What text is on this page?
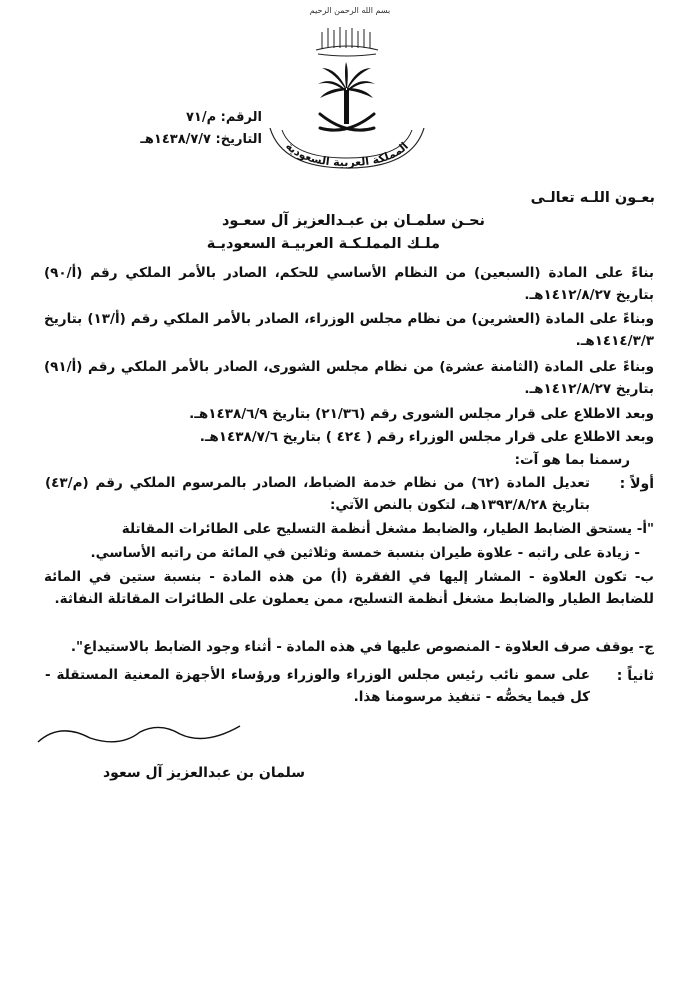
بسم الله الرحمن الرحيم
المملكة العربية السعودية
الرقم: م/٧١
التاريخ: ١٤٣٨/٧/٧هـ
بعـون اللـه تعالـى
نحـن سلمـان بن عبـدالعزيز آل سعـود
ملـك المملـكـة العربيـة السعوديـة
بناءً على المادة (السبعين) من النظام الأساسي للحكم، الصادر بالأمر الملكي رقم (أ/٩٠) بتاريخ ١٤١٢/٨/٢٧هـ.
وبناءً على المادة (العشرين) من نظام مجلس الوزراء، الصادر بالأمر الملكي رقم (أ/١٣) بتاريخ ١٤١٤/٣/٣هـ.
وبناءً على المادة (الثامنة عشرة) من نظام مجلس الشورى، الصادر بالأمر الملكي رقم (أ/٩١) بتاريخ ١٤١٢/٨/٢٧هـ.
وبعد الاطلاع على قرار مجلس الشورى رقم (٢١/٣٦) بتاريخ ١٤٣٨/٦/٩هـ.
وبعد الاطلاع على قرار مجلس الوزراء رقم ( ٤٢٤ ) بتاريخ ١٤٣٨/٧/٦هـ.
رسمنا بما هو آت:
أولاً :
تعديل المادة (٦٢) من نظام خدمة الضباط، الصادر بالمرسوم الملكي رقم (م/٤٣) بتاريخ ١٣٩٣/٨/٢٨هـ، لتكون بالنص الآتي:
"أ- يستحق الضابط الطيار، والضابط مشغل أنظمة التسليح على الطائرات المقاتلة
- زيادة على راتبه - علاوة طيران بنسبة خمسة وثلاثين في المائة من راتبه الأساسي.
ب- تكون العلاوة - المشار إليها في الفقرة (أ) من هذه المادة - بنسبة ستين في المائة للضابط الطيار والضابط مشغل أنظمة التسليح، ممن يعملون على الطائرات المقاتلة النفاثة.
ج- يوقف صرف العلاوة - المنصوص عليها في هذه المادة - أثناء وجود الضابط بالاستيداع".
ثانياً :
على سمو نائب رئيس مجلس الوزراء والوزراء ورؤساء الأجهزة المعنية المستقلة - كل فيما يخصُّه - تنفيذ مرسومنا هذا.
سلمان بن عبدالعزيز آل سعود
